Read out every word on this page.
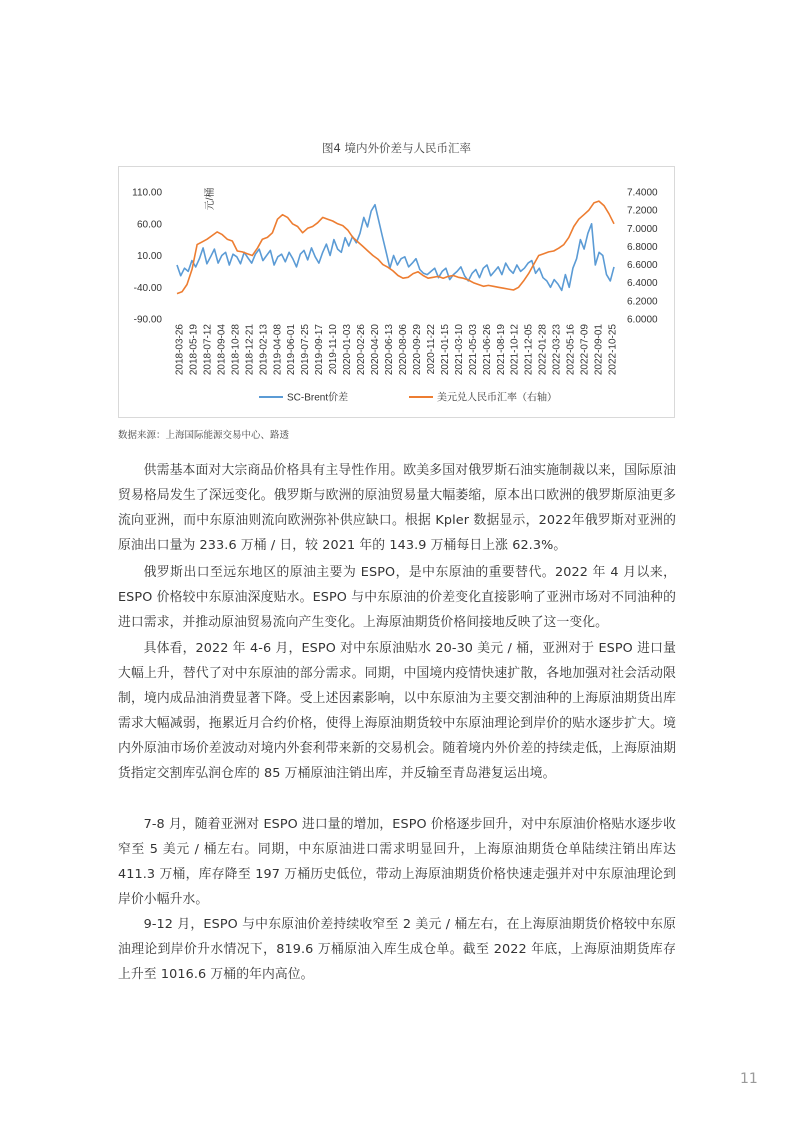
图4 境内外价差与人民币汇率
110.00
60.00
10.00
-40.00
-90.00
7.4000
7.2000
7.0000
6.8000
6.6000
6.4000
6.2000
6.0000
元/桶
2018-03-26 2018-05-19 2018-07-12 2018-09-04 2018-10-28 2018-12-21 2019-02-13 2019-04-08 2019-06-01 2019-07-25 2019-09-17 2019-11-10 2020-01-03 2020-02-26 2020-04-20 2020-06-13 2020-08-06 2020-09-29 2020-11-22 2021-01-15 2021-03-10 2021-05-03 2021-06-26 2021-08-19 2021-10-12 2021-12-05 2022-01-28 2022-03-23 2022-05-16 2022-07-09 2022-09-01 2022-10-25
SC-Brent价差	美元兑人民币汇率（右轴）
数据来源：上海国际能源交易中心、路透

供需基本面对大宗商品价格具有主导性作用。欧美多国对俄罗斯石油实施制裁以来，国际原油贸易格局发生了深远变化。俄罗斯与欧洲的原油贸易量大幅萎缩，原本出口欧洲的俄罗斯原油更多流向亚洲，而中东原油则流向欧洲弥补供应缺口。根据 Kpler 数据显示，2022年俄罗斯对亚洲的原油出口量为 233.6 万桶 / 日，较 2021 年的 143.9 万桶每日上涨 62.3%。

俄罗斯出口至远东地区的原油主要为 ESPO，是中东原油的重要替代。2022 年 4 月以来，ESPO 价格较中东原油深度贴水。ESPO 与中东原油的价差变化直接影响了亚洲市场对不同油种的进口需求，并推动原油贸易流向产生变化。上海原油期货价格间接地反映了这一变化。

具体看，2022 年 4-6 月，ESPO 对中东原油贴水 20-30 美元 / 桶，亚洲对于 ESPO 进口量大幅上升，替代了对中东原油的部分需求。同期，中国境内疫情快速扩散，各地加强对社会活动限制，境内成品油消费显著下降。受上述因素影响，以中东原油为主要交割油种的上海原油期货出库需求大幅减弱，拖累近月合约价格，使得上海原油期货较中东原油理论到岸价的贴水逐步扩大。境内外原油市场价差波动对境内外套利带来新的交易机会。随着境内外价差的持续走低，上海原油期货指定交割库弘润仓库的 85 万桶原油注销出库，并反输至青岛港复运出境。

7-8 月，随着亚洲对 ESPO 进口量的增加，ESPO 价格逐步回升，对中东原油价格贴水逐步收窄至 5 美元 / 桶左右。同期，中东原油进口需求明显回升，上海原油期货仓单陆续注销出库达 411.3 万桶，库存降至 197 万桶历史低位，带动上海原油期货价格快速走强并对中东原油理论到岸价小幅升水。

9-12 月，ESPO 与中东原油价差持续收窄至 2 美元 / 桶左右，在上海原油期货价格较中东原油理论到岸价升水情况下，819.6 万桶原油入库生成仓单。截至 2022 年底，上海原油期货库存上升至 1016.6 万桶的年内高位。

11
